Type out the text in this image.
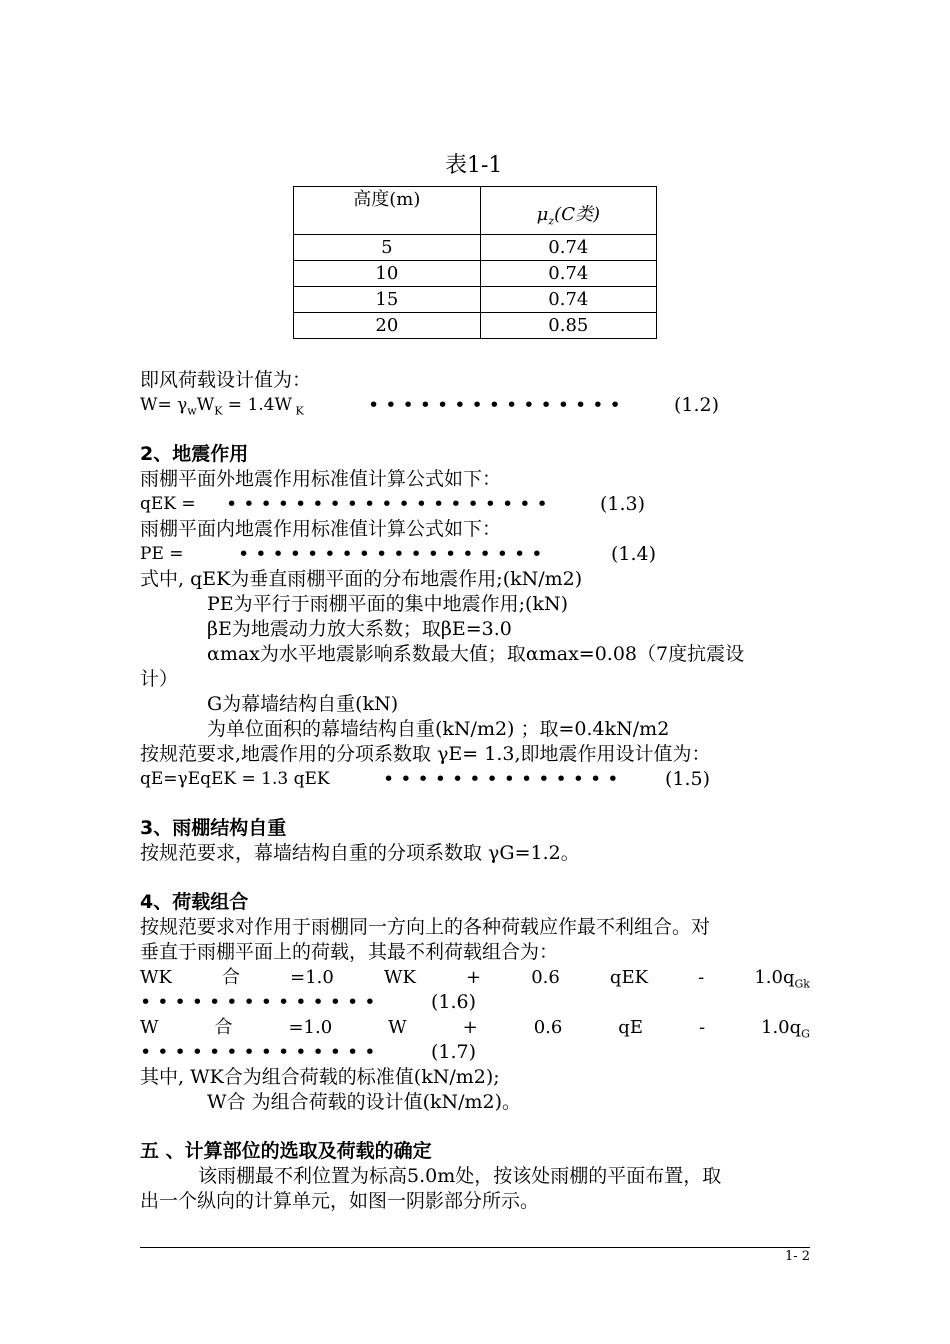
表1-1
高度(m)	$\mu_z(C$类)
5	0.74
10	0.74
15	0.74
20	0.85
即风荷载设计值为：
$W= \gamma_wW_K = 1.4W$ $_K$	• • • • • • • • • • • • • • •	(1.2)
2、地震作用
雨棚平面外地震作用标准值计算公式如下：
qEK = • • • • • • • • • • • • • • • • • • •	(1.3)
雨棚平面内地震作用标准值计算公式如下：
PE =	• • • • • • • • • • • • • • • • • •	(1.4)
式中, qEK为垂直雨棚平面的分布地震作用;(kN/m2)
PE为平行于雨棚平面的集中地震作用;(kN)
βE为地震动力放大系数；取βE=3.0
αmax为水平地震影响系数最大值；取αmax=0.08（7度抗震设
计）
G为幕墙结构自重(kN)
为单位面积的幕墙结构自重(kN/m2) ；取=0.4kN/m2
按规范要求,地震作用的分项系数取 γE= 1.3,即地震作用设计值为：
qE=γEqEK = 1.3 qEK	• • • • • • • • • • • • • • (1.5)
3、雨棚结构自重
按规范要求，幕墙结构自重的分项系数取 γG=1.2。
4、荷载组合
按规范要求对作用于雨棚同一方向上的各种荷载应作最不利组合。对
垂直于雨棚平面上的荷载，其最不利荷载组合为：
WK	合	=1.0	WK	+	0.6	qEK	-	$1.0q_{Gk}$
• • • • • • • • • • • • • •	(1.6)
W	合	=1.0	W	+	0.6	qE	-	$1.0q_G$
• • • • • • • • • • • • • •	(1.7)
其中, WK合为组合荷载的标准值(kN/m2);
W合 为组合荷载的设计值(kN/m2)。
五 、计算部位的选取及荷载的确定
该雨棚最不利位置为标高5.0m处，按该处雨棚的平面布置，取
出一个纵向的计算单元，如图一阴影部分所示。
1- 2
